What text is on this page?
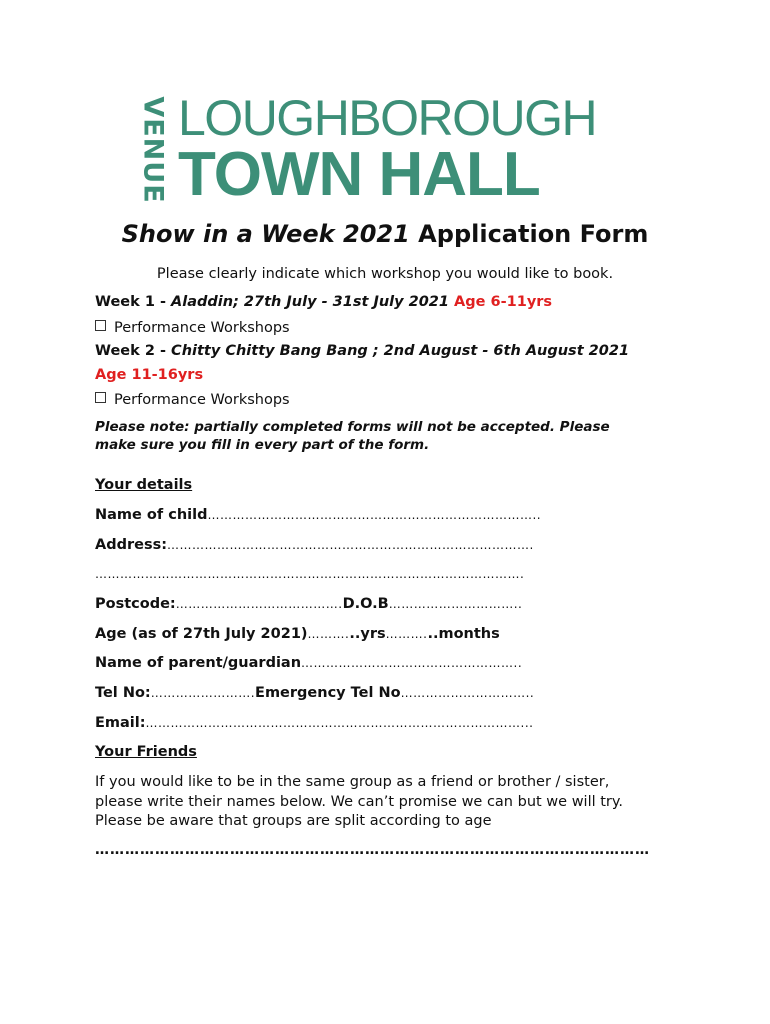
VENUE LOUGHBOROUGH
TOWN HALL
Show in a Week 2021 Application Form
Please clearly indicate which workshop you would like to book.
Week 1 - Aladdin; 27th July - 31st July 2021 Age 6-11yrs
Performance Workshops
Week 2 - Chitty Chitty Bang Bang ; 2nd August - 6th August 2021
Age 11-16yrs
Performance Workshops
Please note: partially completed forms will not be accepted. Please
make sure you fill in every part of the form.
Your details
Name of child……………………………………………………………………..
Address:…………………………………………………………………………….
………………………………………………………………………………………….
Postcode:………………………………….D.O.B…………………………..
Age (as of 27th July 2021)………...yrs………...months
Name of parent/guardian……………………………………………..
Tel No:…………………….Emergency Tel No…………………………..
Email:………………………………………………………………………………...
Your Friends
If you would like to be in the same group as a friend or brother / sister,
please write their names below. We can’t promise we can but we will try.
Please be aware that groups are split according to age
…………………………………………………………………………………………………
